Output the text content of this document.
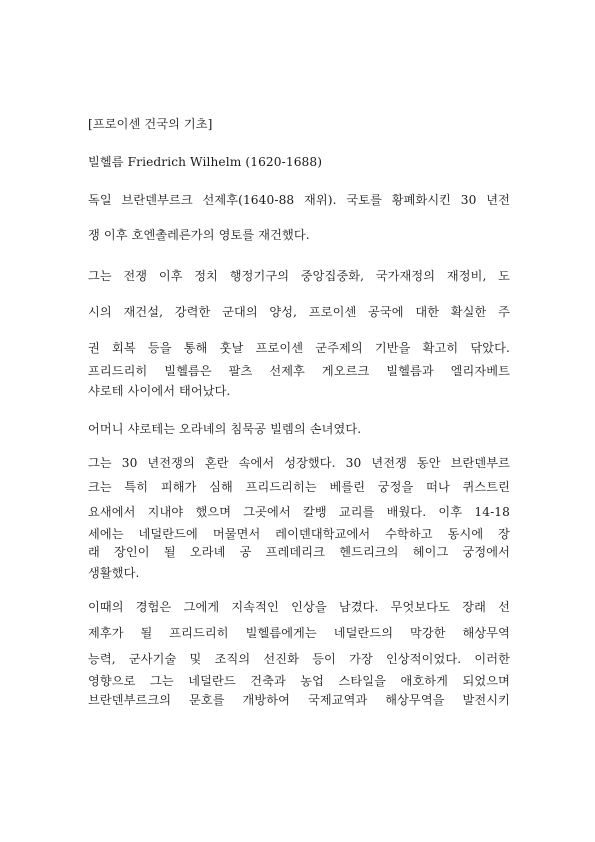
[프로이센 건국의 기초]

빌헬름 Friedrich Wilhelm (1620-1688)

독일 브란덴부르크 선제후(1640-88 재위). 국토를 황폐화시킨 30 년전

쟁 이후 호엔촐레른가의 영토를 재건했다.

그는 전쟁 이후 정치 행정기구의 중앙집중화, 국가재정의 재정비, 도

시의 재건설, 강력한 군대의 양성, 프로이센 공국에 대한 확실한 주

권 회복 등을 통해 훗날 프로이센 군주제의 기반을 확고히 닦았다.

프리드리히 빌헬름은 팔츠 선제후 게오르크 빌헬름과 엘리자베트

샤로테 사이에서 태어났다.

어머니 샤로테는 오라녜의 침묵공 빌렘의 손녀였다.

그는 30 년전쟁의 혼란 속에서 성장했다. 30 년전쟁 동안 브란덴부르

크는 특히 피해가 심해 프리드리히는 베를린 궁정을 떠나 퀴스트린

요새에서 지내야 했으며 그곳에서 칼뱅 교리를 배웠다. 이후 14-18

세에는 네덜란드에 머물면서 레이덴대학교에서 수학하고 동시에 장

래 장인이 될 오라녜 공 프레데리크 헨드리크의 헤이그 궁정에서

생활했다.

이때의 경험은 그에게 지속적인 인상을 남겼다. 무엇보다도 장래 선

제후가 될 프리드리히 빌헬름에게는 네덜란드의 막강한 해상무역

능력, 군사기술 및 조직의 선진화 등이 가장 인상적이었다. 이러한

영향으로 그는 네덜란드 건축과 농업 스타일을 애호하게 되었으며

브란덴부르크의 문호를 개방하여 국제교역과 해상무역을 발전시키
